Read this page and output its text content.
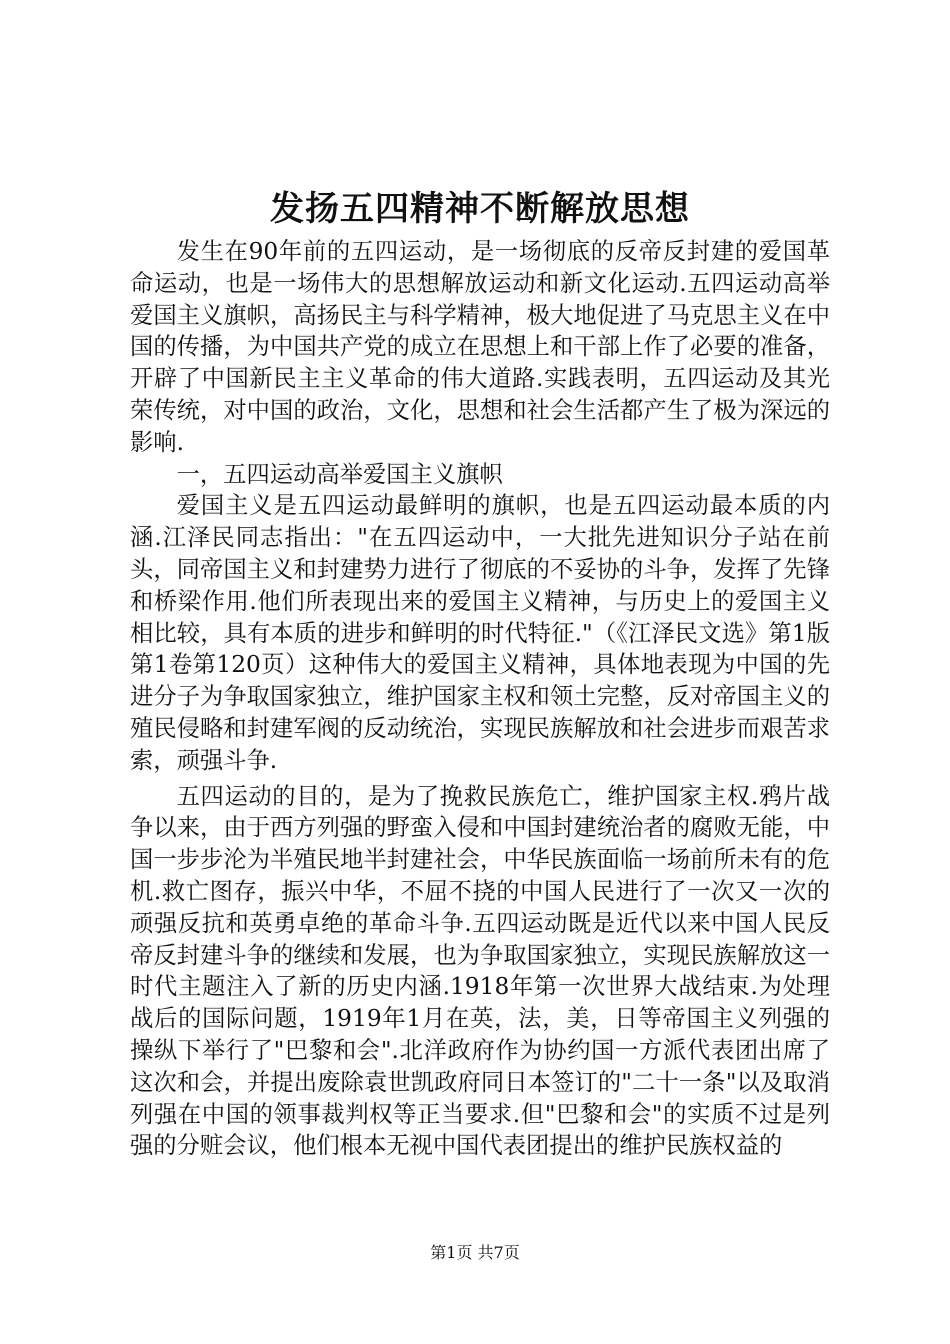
发扬五四精神不断解放思想

发生在90年前的五四运动，是一场彻底的反帝反封建的爱国革命运动，也是一场伟大的思想解放运动和新文化运动.五四运动高举爱国主义旗帜，高扬民主与科学精神，极大地促进了马克思主义在中国的传播，为中国共产党的成立在思想上和干部上作了必要的准备，开辟了中国新民主主义革命的伟大道路.实践表明，五四运动及其光荣传统，对中国的政治，文化，思想和社会生活都产生了极为深远的影响.

一，五四运动高举爱国主义旗帜

爱国主义是五四运动最鲜明的旗帜，也是五四运动最本质的内涵.江泽民同志指出："在五四运动中，一大批先进知识分子站在前头，同帝国主义和封建势力进行了彻底的不妥协的斗争，发挥了先锋和桥梁作用.他们所表现出来的爱国主义精神，与历史上的爱国主义相比较，具有本质的进步和鲜明的时代特征."（《江泽民文选》第1版第1卷第120页）这种伟大的爱国主义精神，具体地表现为中国的先进分子为争取国家独立，维护国家主权和领土完整，反对帝国主义的殖民侵略和封建军阀的反动统治，实现民族解放和社会进步而艰苦求索，顽强斗争.

五四运动的目的，是为了挽救民族危亡，维护国家主权.鸦片战争以来，由于西方列强的野蛮入侵和中国封建统治者的腐败无能，中国一步步沦为半殖民地半封建社会，中华民族面临一场前所未有的危机.救亡图存，振兴中华，不屈不挠的中国人民进行了一次又一次的顽强反抗和英勇卓绝的革命斗争.五四运动既是近代以来中国人民反帝反封建斗争的继续和发展，也为争取国家独立，实现民族解放这一时代主题注入了新的历史内涵.1918年第一次世界大战结束.为处理战后的国际问题，1919年1月在英，法，美，日等帝国主义列强的操纵下举行了"巴黎和会".北洋政府作为协约国一方派代表团出席了这次和会，并提出废除袁世凯政府同日本签订的"二十一条"以及取消列强在中国的领事裁判权等正当要求.但"巴黎和会"的实质不过是列强的分赃会议，他们根本无视中国代表团提出的维护民族权益的

第1页 共7页
